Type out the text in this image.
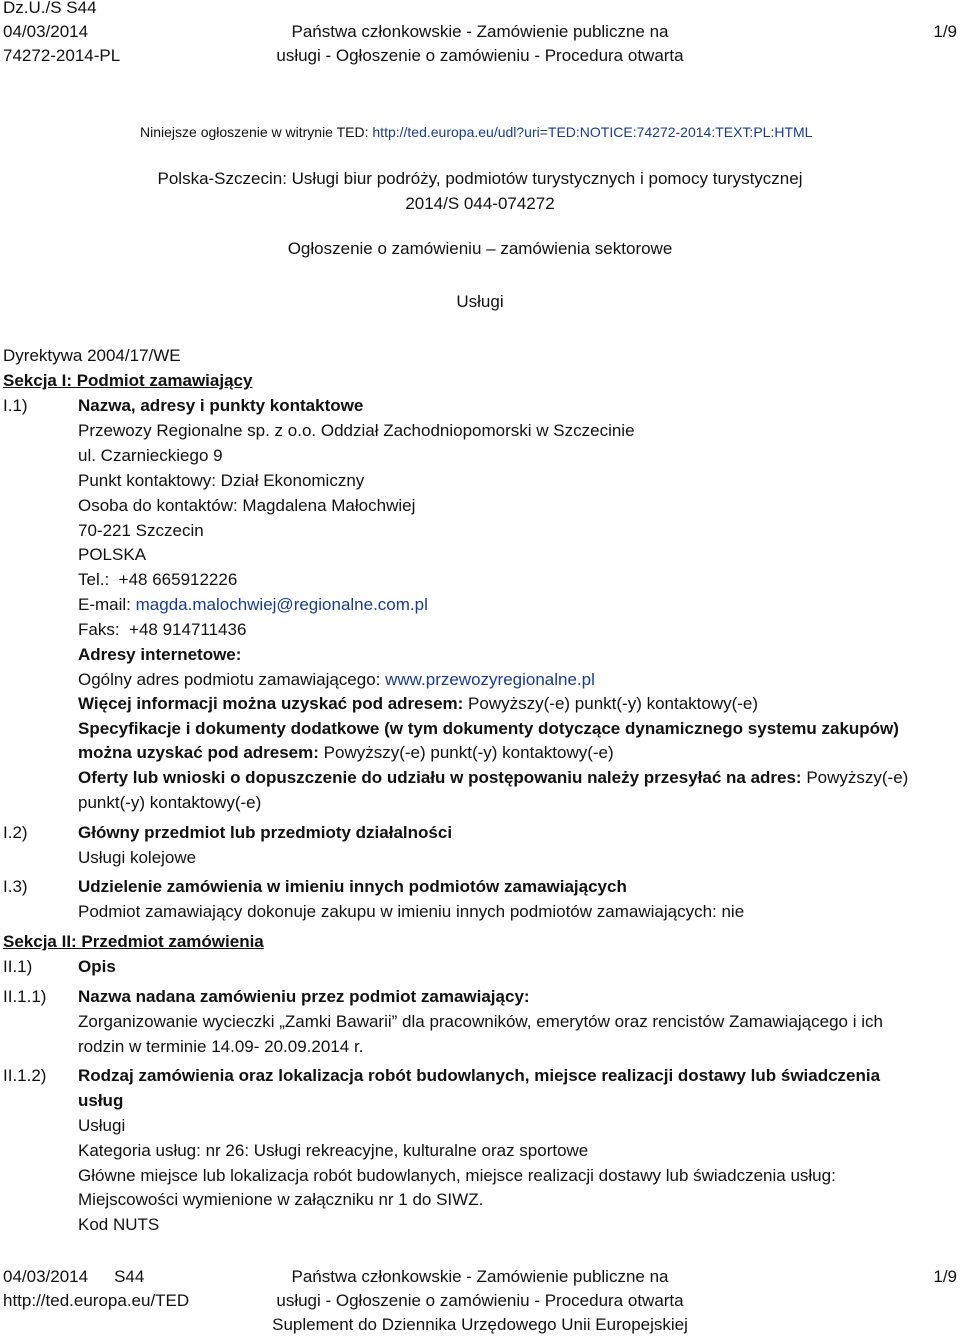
Dz.U./S S44
04/03/2014
74272-2014-PL
Państwa członkowskie - Zamówienie publiczne na
usługi - Ogłoszenie o zamówieniu - Procedura otwarta
1/9
Niniejsze ogłoszenie w witrynie TED: http://ted.europa.eu/udl?uri=TED:NOTICE:74272-2014:TEXT:PL:HTML
Polska-Szczecin: Usługi biur podróży, podmiotów turystycznych i pomocy turystycznej
2014/S 044-074272
Ogłoszenie o zamówieniu – zamówienia sektorowe
Usługi
Dyrektywa 2004/17/WE
Sekcja I: Podmiot zamawiający
I.1)	Nazwa, adresy i punkty kontaktowe
Przewozy Regionalne sp. z o.o. Oddział Zachodniopomorski w Szczecinie
ul. Czarnieckiego 9
Punkt kontaktowy: Dział Ekonomiczny
Osoba do kontaktów: Magdalena Małochwiej
70-221 Szczecin
POLSKA
Tel.: +48 665912226
E-mail: magda.malochwiej@regionalne.com.pl
Faks: +48 914711436
Adresy internetowe:
Ogólny adres podmiotu zamawiającego: www.przewozyregionalne.pl
Więcej informacji można uzyskać pod adresem: Powyższy(-e) punkt(-y) kontaktowy(-e)
Specyfikacje i dokumenty dodatkowe (w tym dokumenty dotyczące dynamicznego systemu zakupów)
można uzyskać pod adresem: Powyższy(-e) punkt(-y) kontaktowy(-e)
Oferty lub wnioski o dopuszczenie do udziału w postępowaniu należy przesyłać na adres: Powyższy(-e)
punkt(-y) kontaktowy(-e)
I.2)	Główny przedmiot lub przedmioty działalności
Usługi kolejowe
I.3)	Udzielenie zamówienia w imieniu innych podmiotów zamawiających
Podmiot zamawiający dokonuje zakupu w imieniu innych podmiotów zamawiających: nie
Sekcja II: Przedmiot zamówienia
II.1)	Opis
II.1.1) Nazwa nadana zamówieniu przez podmiot zamawiający:
Zorganizowanie wycieczki „Zamki Bawarii” dla pracowników, emerytów oraz rencistów Zamawiającego i ich
rodzin w terminie 14.09- 20.09.2014 r.
II.1.2) Rodzaj zamówienia oraz lokalizacja robót budowlanych, miejsce realizacji dostawy lub świadczenia
usług
Usługi
Kategoria usług: nr 26: Usługi rekreacyjne, kulturalne oraz sportowe
Główne miejsce lub lokalizacja robót budowlanych, miejsce realizacji dostawy lub świadczenia usług:
Miejscowości wymienione w załączniku nr 1 do SIWZ.
Kod NUTS
04/03/2014 S44
http://ted.europa.eu/TED
Państwa członkowskie - Zamówienie publiczne na
usługi - Ogłoszenie o zamówieniu - Procedura otwarta
Suplement do Dziennika Urzędowego Unii Europejskiej
1/9
